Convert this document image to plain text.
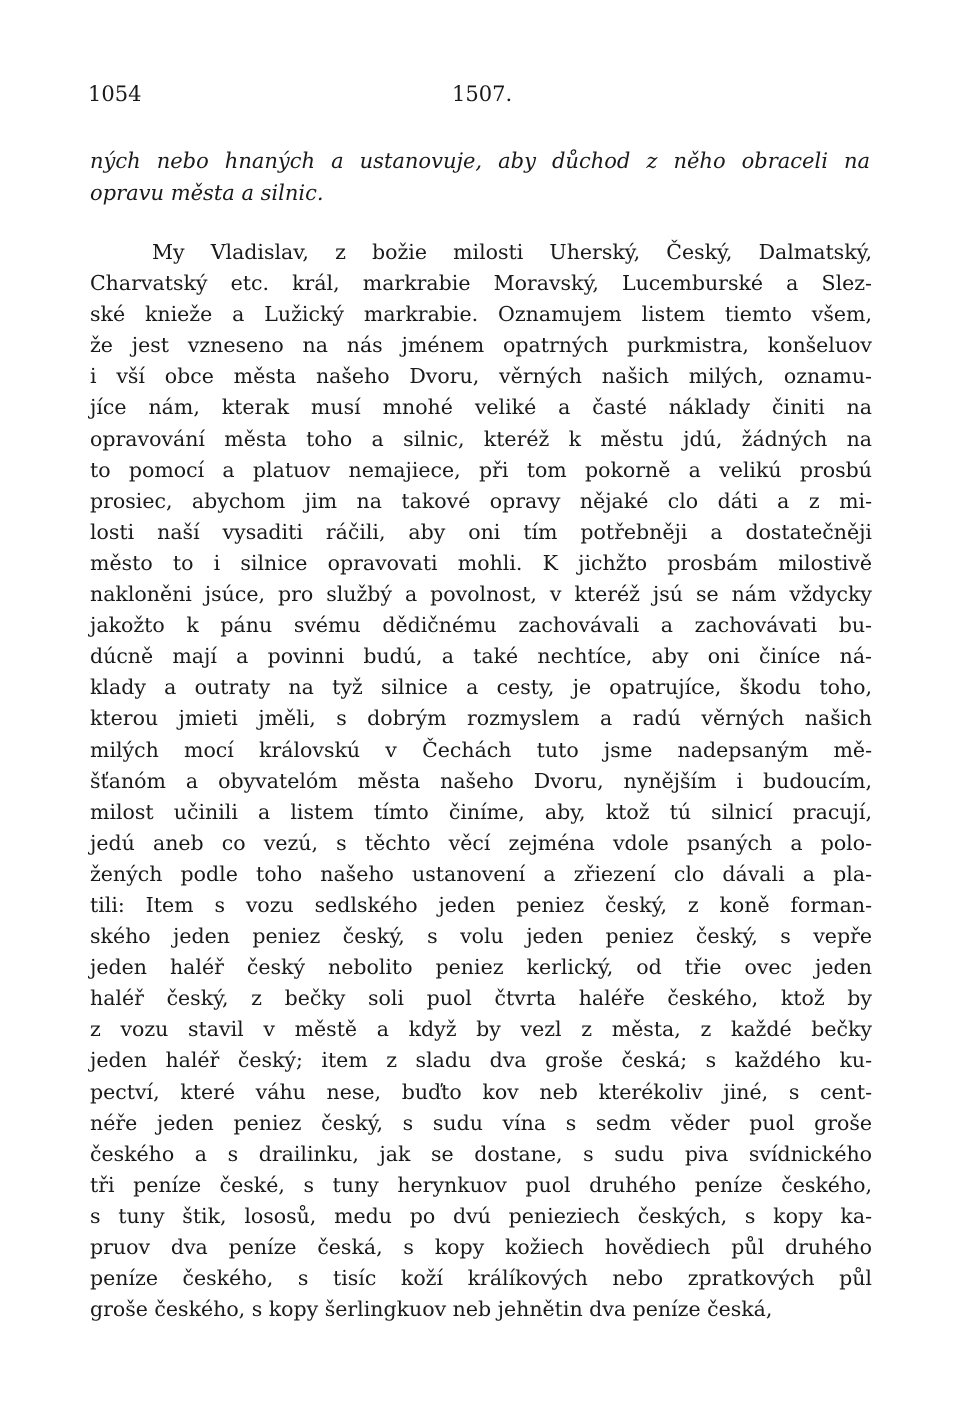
1054	1507.
ných nebo hnaných a ustanovuje, aby důchod z něho obraceli na
opravu města a silnic.
My Vladislav, z božie milosti Uherský, Český, Dalmatský,
Charvatský etc. král, markrabie Moravský, Lucemburské a Slez-
ské knieže a Lužický markrabie. Oznamujem listem tiemto všem,
že jest vzneseno na nás jménem opatrných purkmistra, konšeluov
i vší obce města našeho Dvoru, věrných našich milých, oznamu-
jíce nám, kterak musí mnohé veliké a časté náklady činiti na
opravování města toho a silnic, kteréž k městu jdú, žádných na
to pomocí a platuov nemajiece, při tom pokorně a velikú prosbú
prosiec, abychom jim na takové opravy nějaké clo dáti a z mi-
losti naší vysaditi ráčili, aby oni tím potřebněji a dostatečněji
město to i silnice opravovati mohli. K jichžto prosbám milostivě
nakloněni jsúce, pro službý a povolnost, v kteréž jsú se nám vždycky
jakožto k pánu svému dědičnému zachovávali a zachovávati bu-
dúcně mají a povinni budú, a také nechtíce, aby oni činíce ná-
klady a outraty na tyž silnice a cesty, je opatrujíce, škodu toho,
kterou jmieti jměli, s dobrým rozmyslem a radú věrných našich
milých mocí královskú v Čechách tuto jsme nadepsaným mě-
šťanóm a obyvatelóm města našeho Dvoru, nynějším i budoucím,
milost učinili a listem tímto činíme, aby, ktož tú silnicí pracují,
jedú aneb co vezú, s těchto věcí zejména vdole psaných a polo-
žených podle toho našeho ustanovení a zřiezení clo dávali a pla-
tili: Item s vozu sedlského jeden peniez český, z koně forman-
ského jeden peniez český, s volu jeden peniez český, s vepře
jeden haléř český nebolito peniez kerlický, od třie ovec jeden
haléř český, z bečky soli puol čtvrta haléře českého, ktož by
z vozu stavil v městě a když by vezl z města, z každé bečky
jeden haléř český; item z sladu dva groše česká; s každého ku-
pectví, které váhu nese, buďto kov neb kterékoliv jiné, s cent-
néře jeden peniez český, s sudu vína s sedm věder puol groše
českého a s drailinku, jak se dostane, s sudu piva svídnického
tři peníze české, s tuny herynkuov puol druhého peníze českého,
s tuny štik, lososů, medu po dvú penieziech českých, s kopy ka-
pruov dva peníze česká, s kopy kožiech hovědiech půl druhého
peníze českého, s tisíc koží králíkových nebo zpratkových půl
groše českého, s kopy šerlingkuov neb jehnětin dva peníze česká,
